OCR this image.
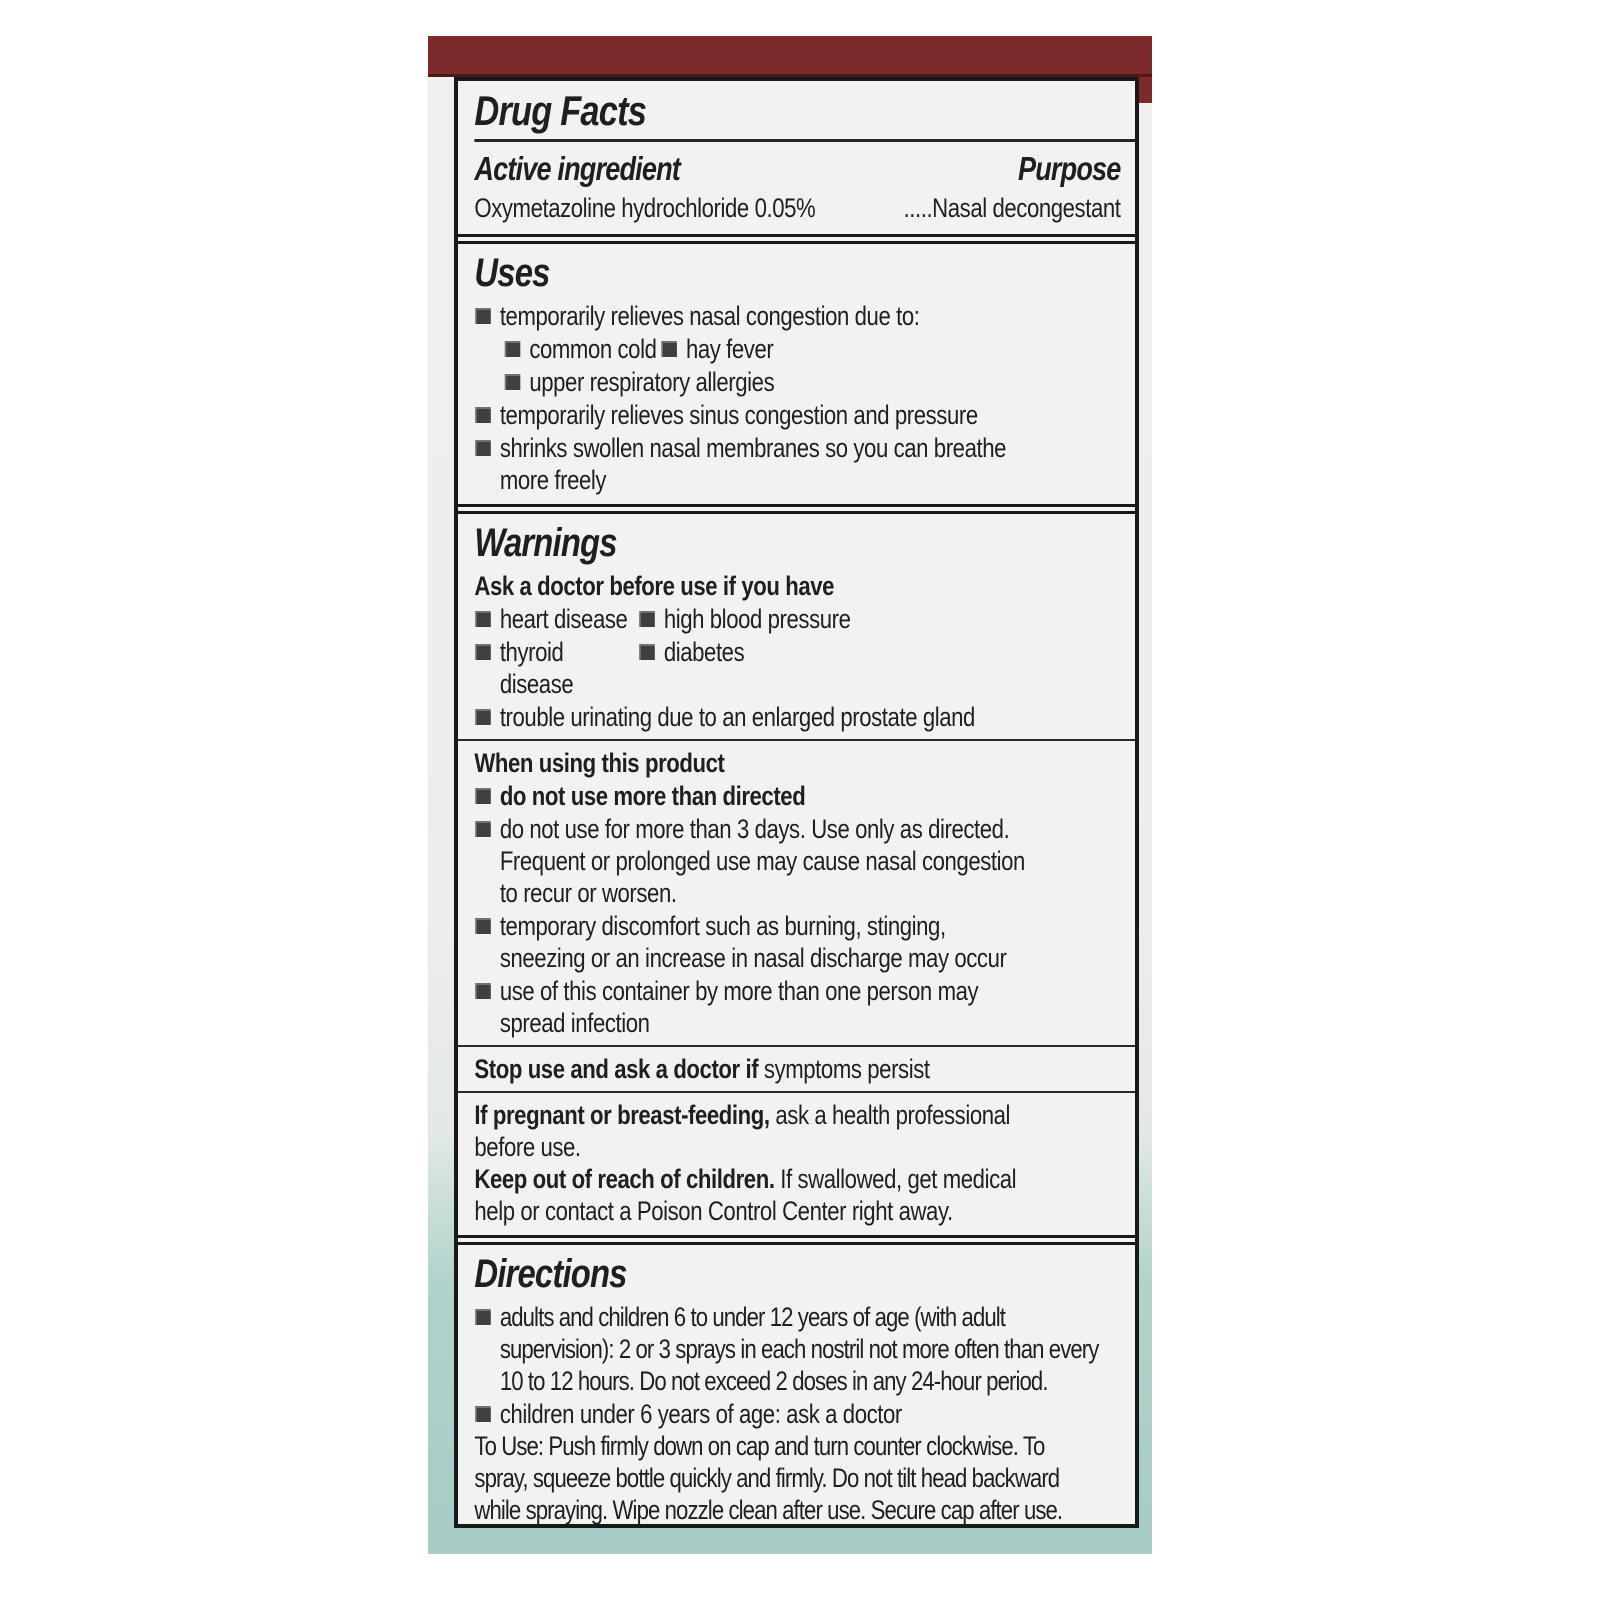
Drug Facts
Active ingredient	Purpose
Oxymetazoline hydrochloride 0.05%	.....Nasal decongestant
Uses
temporarily relieves nasal congestion due to:
common cold hay fever
upper respiratory allergies
temporarily relieves sinus congestion and pressure
shrinks swollen nasal membranes so you can breathe
more freely
Warnings
Ask a doctor before use if you have
heart disease	high blood pressure
thyroid disease
diabetes
trouble urinating due to an enlarged prostate gland
When using this product
do not use more than directed
do not use for more than 3 days. Use only as directed.
Frequent or prolonged use may cause nasal congestion
to recur or worsen.
temporary discomfort such as burning, stinging,
sneezing or an increase in nasal discharge may occur
use of this container by more than one person may
spread infection
Stop use and ask a doctor if symptoms persist
If pregnant or breast-feeding, ask a health professional
before use.
Keep out of reach of children. If swallowed, get medical
help or contact a Poison Control Center right away.
Directions
adults and children 6 to under 12 years of age (with adult
supervision): 2 or 3 sprays in each nostril not more often than every
10 to 12 hours. Do not exceed 2 doses in any 24-hour period.
children under 6 years of age: ask a doctor
To Use: Push firmly down on cap and turn counter clockwise. To
spray, squeeze bottle quickly and firmly. Do not tilt head backward
while spraying. Wipe nozzle clean after use. Secure cap after use.
